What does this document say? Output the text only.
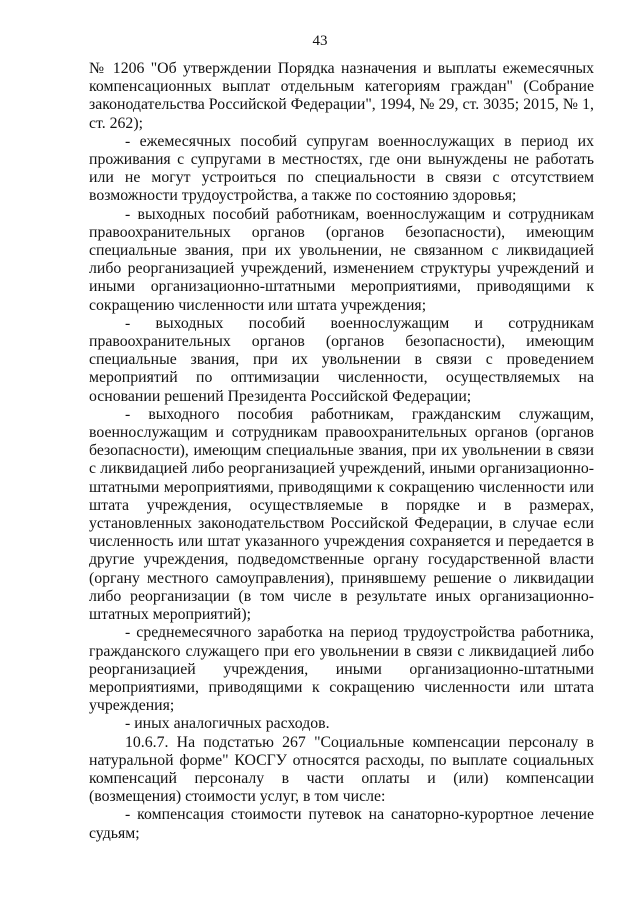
43

№ 1206 "Об утверждении Порядка назначения и выплаты ежемесячных компенсационных выплат отдельным категориям граждан" (Собрание законодательства Российской Федерации", 1994, № 29, ст. 3035; 2015, № 1, ст. 262);

- ежемесячных пособий супругам военнослужащих в период их проживания с супругами в местностях, где они вынуждены не работать или не могут устроиться по специальности в связи с отсутствием возможности трудоустройства, а также по состоянию здоровья;

- выходных пособий работникам, военнослужащим и сотрудникам правоохранительных органов (органов безопасности), имеющим специальные звания, при их увольнении, не связанном с ликвидацией либо реорганизацией учреждений, изменением структуры учреждений и иными организационно-штатными мероприятиями, приводящими к сокращению численности или штата учреждения;

- выходных пособий военнослужащим и сотрудникам правоохранительных органов (органов безопасности), имеющим специальные звания, при их увольнении в связи с проведением мероприятий по оптимизации численности, осуществляемых на основании решений Президента Российской Федерации;

- выходного пособия работникам, гражданским служащим, военнослужащим и сотрудникам правоохранительных органов (органов безопасности), имеющим специальные звания, при их увольнении в связи с ликвидацией либо реорганизацией учреждений, иными организационно-штатными мероприятиями, приводящими к сокращению численности или штата учреждения, осуществляемые в порядке и в размерах, установленных законодательством Российской Федерации, в случае если численность или штат указанного учреждения сохраняется и передается в другие учреждения, подведомственные органу государственной власти (органу местного самоуправления), принявшему решение о ликвидации либо реорганизации (в том числе в результате иных организационно-штатных мероприятий);

- среднемесячного заработка на период трудоустройства работника, гражданского служащего при его увольнении в связи с ликвидацией либо реорганизацией учреждения, иными организационно-штатными мероприятиями, приводящими к сокращению численности или штата учреждения;

- иных аналогичных расходов.

10.6.7. На подстатью 267 "Социальные компенсации персоналу в натуральной форме" КОСГУ относятся расходы, по выплате социальных компенсаций персоналу в части оплаты и (или) компенсации (возмещения) стоимости услуг, в том числе:

- компенсация стоимости путевок на санаторно-курортное лечение судьям;
